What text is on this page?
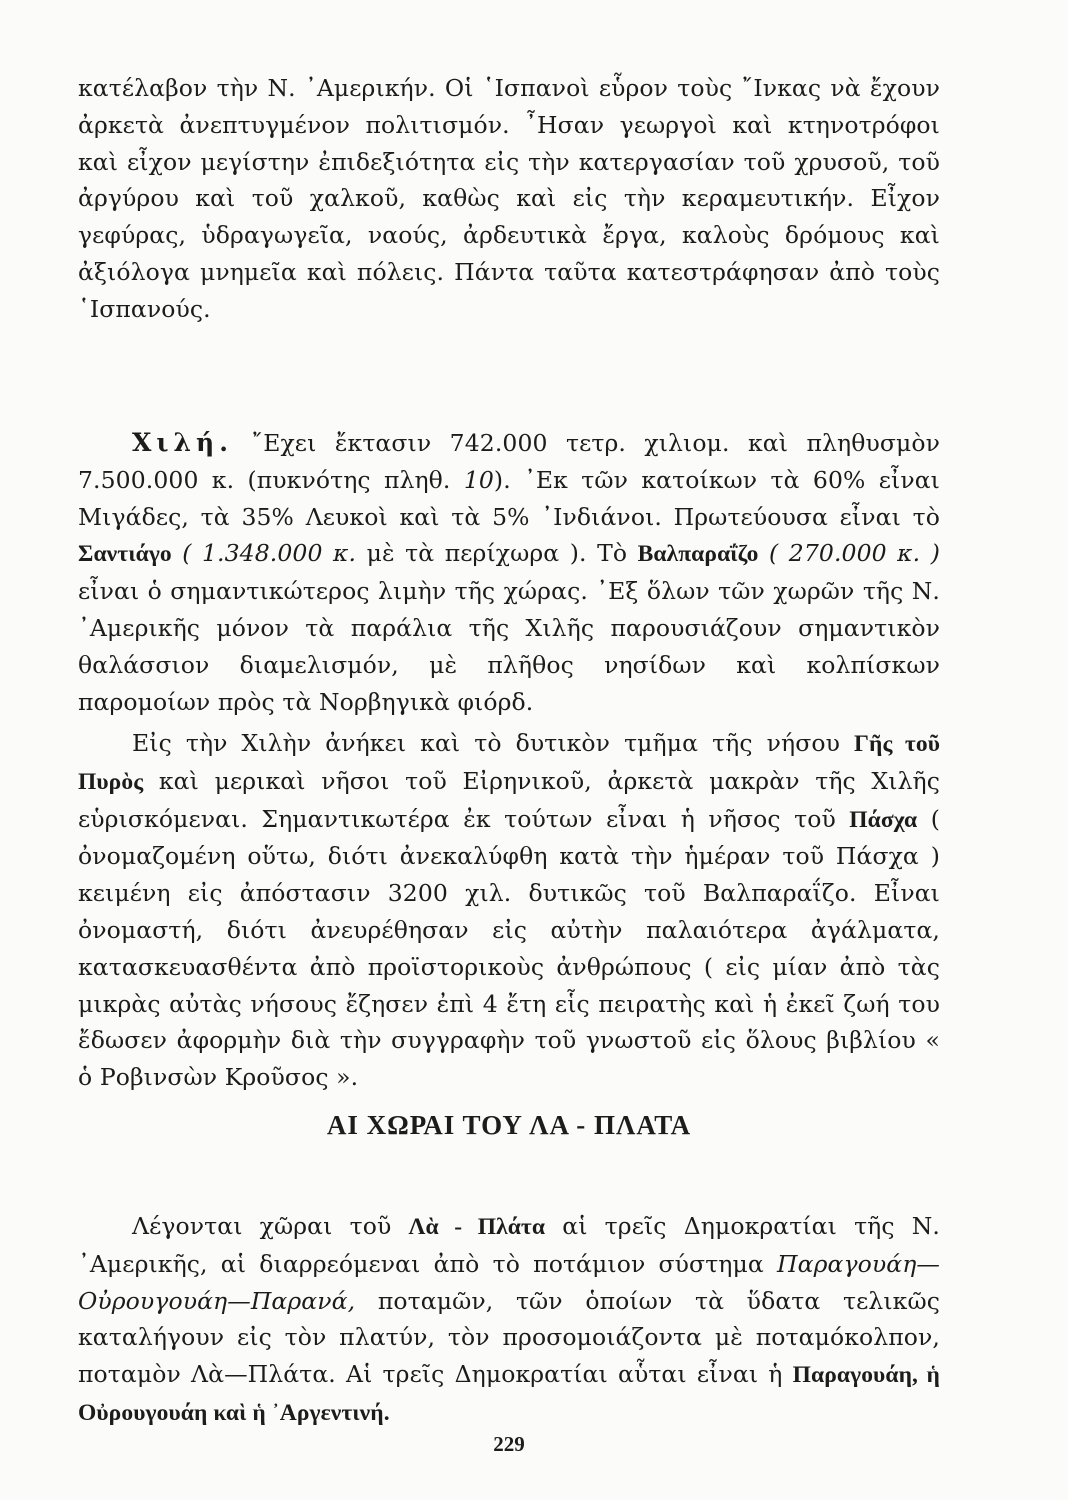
κατέλαβον τὴν Ν. ᾿Αμερικήν. Οἱ ῾Ισπανοὶ εὗρον τοὺς ῎Ινκας νὰ ἔχουν ἀρκετὰ ἀνεπτυγμένον πολιτισμόν. ῏Ησαν γεωργοὶ καὶ κτηνοτρόφοι καὶ εἶχον μεγίστην ἐπιδεξιότητα εἰς τὴν κατεργασίαν τοῦ χρυσοῦ, τοῦ ἀργύρου καὶ τοῦ χαλκοῦ, καθὼς καὶ εἰς τὴν κεραμευτικήν. Εἶχον γεφύρας, ὑδραγωγεῖα, ναούς, ἀρδευτικὰ ἔργα, καλοὺς δρόμους καὶ ἀξιόλογα μνημεῖα καὶ πόλεις. Πάντα ταῦτα κατεστράφησαν ἀπὸ τοὺς ῾Ισπανούς.

Χιλή. ῎Εχει ἔκτασιν 742.000 τετρ. χιλιομ. καὶ πληθυσμὸν 7.500.000 κ. (πυκνότης πληθ. 10). ᾿Εκ τῶν κατοίκων τὰ 60% εἶναι Μιγάδες, τὰ 35% Λευκοὶ καὶ τὰ 5% ᾿Ινδιάνοι. Πρωτεύουσα εἶναι τὸ Σαντιάγο ( 1.348.000 κ. μὲ τὰ περίχωρα ). Τὸ Βαλπαραΐζο ( 270.000 κ. ) εἶναι ὁ σημαντικώτερος λιμὴν τῆς χώρας. ᾿Εξ ὅλων τῶν χωρῶν τῆς Ν. ᾿Αμερικῆς μόνον τὰ παράλια τῆς Χιλῆς παρουσιάζουν σημαντικὸν θαλάσσιον διαμελισμόν, μὲ πλῆθος νησίδων καὶ κολπίσκων παρομοίων πρὸς τὰ Νορβηγικὰ φιόρδ.

Εἰς τὴν Χιλὴν ἀνήκει καὶ τὸ δυτικὸν τμῆμα τῆς νήσου Γῆς τοῦ Πυρὸς καὶ μερικαὶ νῆσοι τοῦ Εἰρηνικοῦ, ἀρκετὰ μακρὰν τῆς Χιλῆς εὑρισκόμεναι. Σημαντικωτέρα ἐκ τούτων εἶναι ἡ νῆσος τοῦ Πάσχα ( ὀνομαζομένη οὕτω, διότι ἀνεκαλύφθη κατὰ τὴν ἡμέραν τοῦ Πάσχα ) κειμένη εἰς ἀπόστασιν 3200 χιλ. δυτικῶς τοῦ Βαλπαραΐζο. Εἶναι ὀνομαστή, διότι ἀνευρέθησαν εἰς αὐτὴν παλαιότερα ἀγάλματα, κατασκευασθέντα ἀπὸ προϊστορικοὺς ἀνθρώπους ( εἰς μίαν ἀπὸ τὰς μικρὰς αὐτὰς νήσους ἔζησεν ἐπὶ 4 ἔτη εἷς πειρατὴς καὶ ἡ ἐκεῖ ζωή του ἔδωσεν ἀφορμὴν διὰ τὴν συγγραφὴν τοῦ γνωστοῦ εἰς ὅλους βιβλίου « ὁ Ροβινσὼν Κροῦσος ».

ΑΙ ΧΩΡΑΙ ΤΟΥ ΛΑ - ΠΛΑΤΑ

Λέγονται χῶραι τοῦ Λὰ - Πλάτα αἱ τρεῖς Δημοκρατίαι τῆς Ν. ᾿Αμερικῆς, αἱ διαρρεόμεναι ἀπὸ τὸ ποτάμιον σύστημα Παραγουάη—Οὐρουγουάη—Παρανά, ποταμῶν, τῶν ὁποίων τὰ ὕδατα τελικῶς καταλήγουν εἰς τὸν πλατύν, τὸν προσομοιάζοντα μὲ ποταμόκολπον, ποταμὸν Λὰ—Πλάτα. Αἱ τρεῖς Δημοκρατίαι αὗται εἶναι ἡ Παραγουάη, ἡ Οὐρουγουάη καὶ ἡ ᾿Αργεντινή.

229
